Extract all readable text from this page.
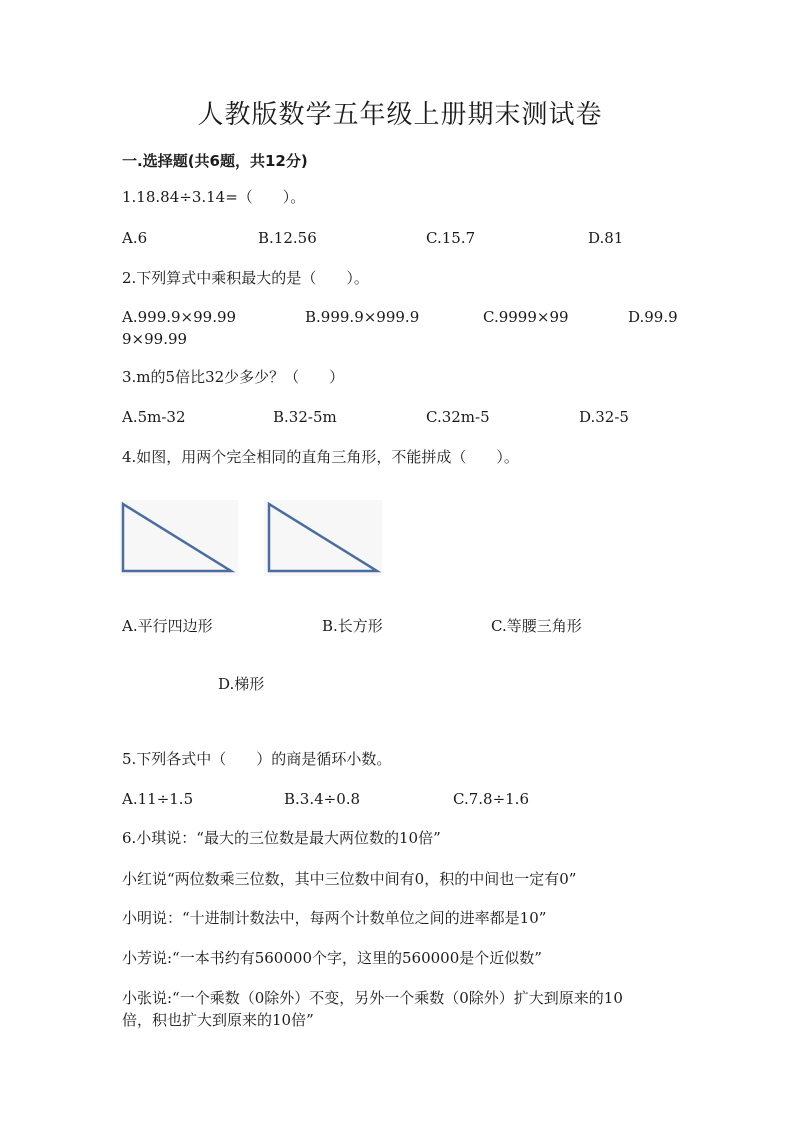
人教版数学五年级上册期末测试卷
一.选择题(共6题，共12分)
1.18.84÷3.14=（　　）。
A.6	B.12.56	C.15.7	D.81
2.下列算式中乘积最大的是（　　）。
A.999.9×99.99	B.999.9×999.9	C.9999×99	D.99.9
9×99.99
3.m的5倍比32少多少？（　　）
A.5m-32	B.32-5m	C.32m-5	D.32-5
4.如图，用两个完全相同的直角三角形，不能拼成（　　）。
A.平行四边形	B.长方形	C.等腰三角形
D.梯形
5.下列各式中（　　）的商是循环小数。
A.11÷1.5	B.3.4÷0.8	C.7.8÷1.6
6.小琪说：“最大的三位数是最大两位数的10倍”
小红说“两位数乘三位数，其中三位数中间有0，积的中间也一定有0”
小明说：“十进制计数法中，每两个计数单位之间的进率都是10”
小芳说:“一本书约有560000个字，这里的560000是个近似数”
小张说:“一个乘数（0除外）不变，另外一个乘数（0除外）扩大到原来的10
倍，积也扩大到原来的10倍”
